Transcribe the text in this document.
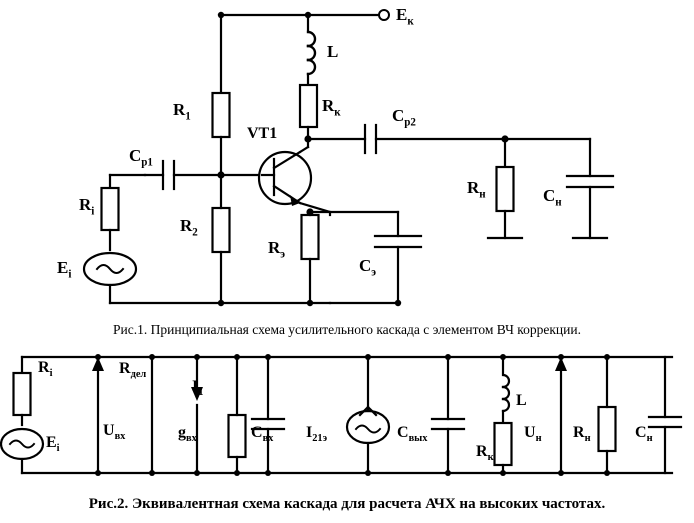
$E_к$
L
$R_1$
$R_к$	$C_{р2}$
$C_{р1}$
VT1
$R_i$
$R_2$
$R_э$
$C_э$
$R_н$	$C_н$
$E_i$
Рис.1. Принципиальная схема усилительного каскада с элементом ВЧ коррекции.
$R_i$
$E_i$
$U_{вх}$
$R_{дел}$
$I_1$
$g_{вх}$	$C_{вх}$ $I_{21э}$	$C_{вых}$
L
$R_к$
$U_н$ $R_н$	$C_н$
Рис.2. Эквивалентная схема каскада для расчета АЧХ на высоких частотах.
